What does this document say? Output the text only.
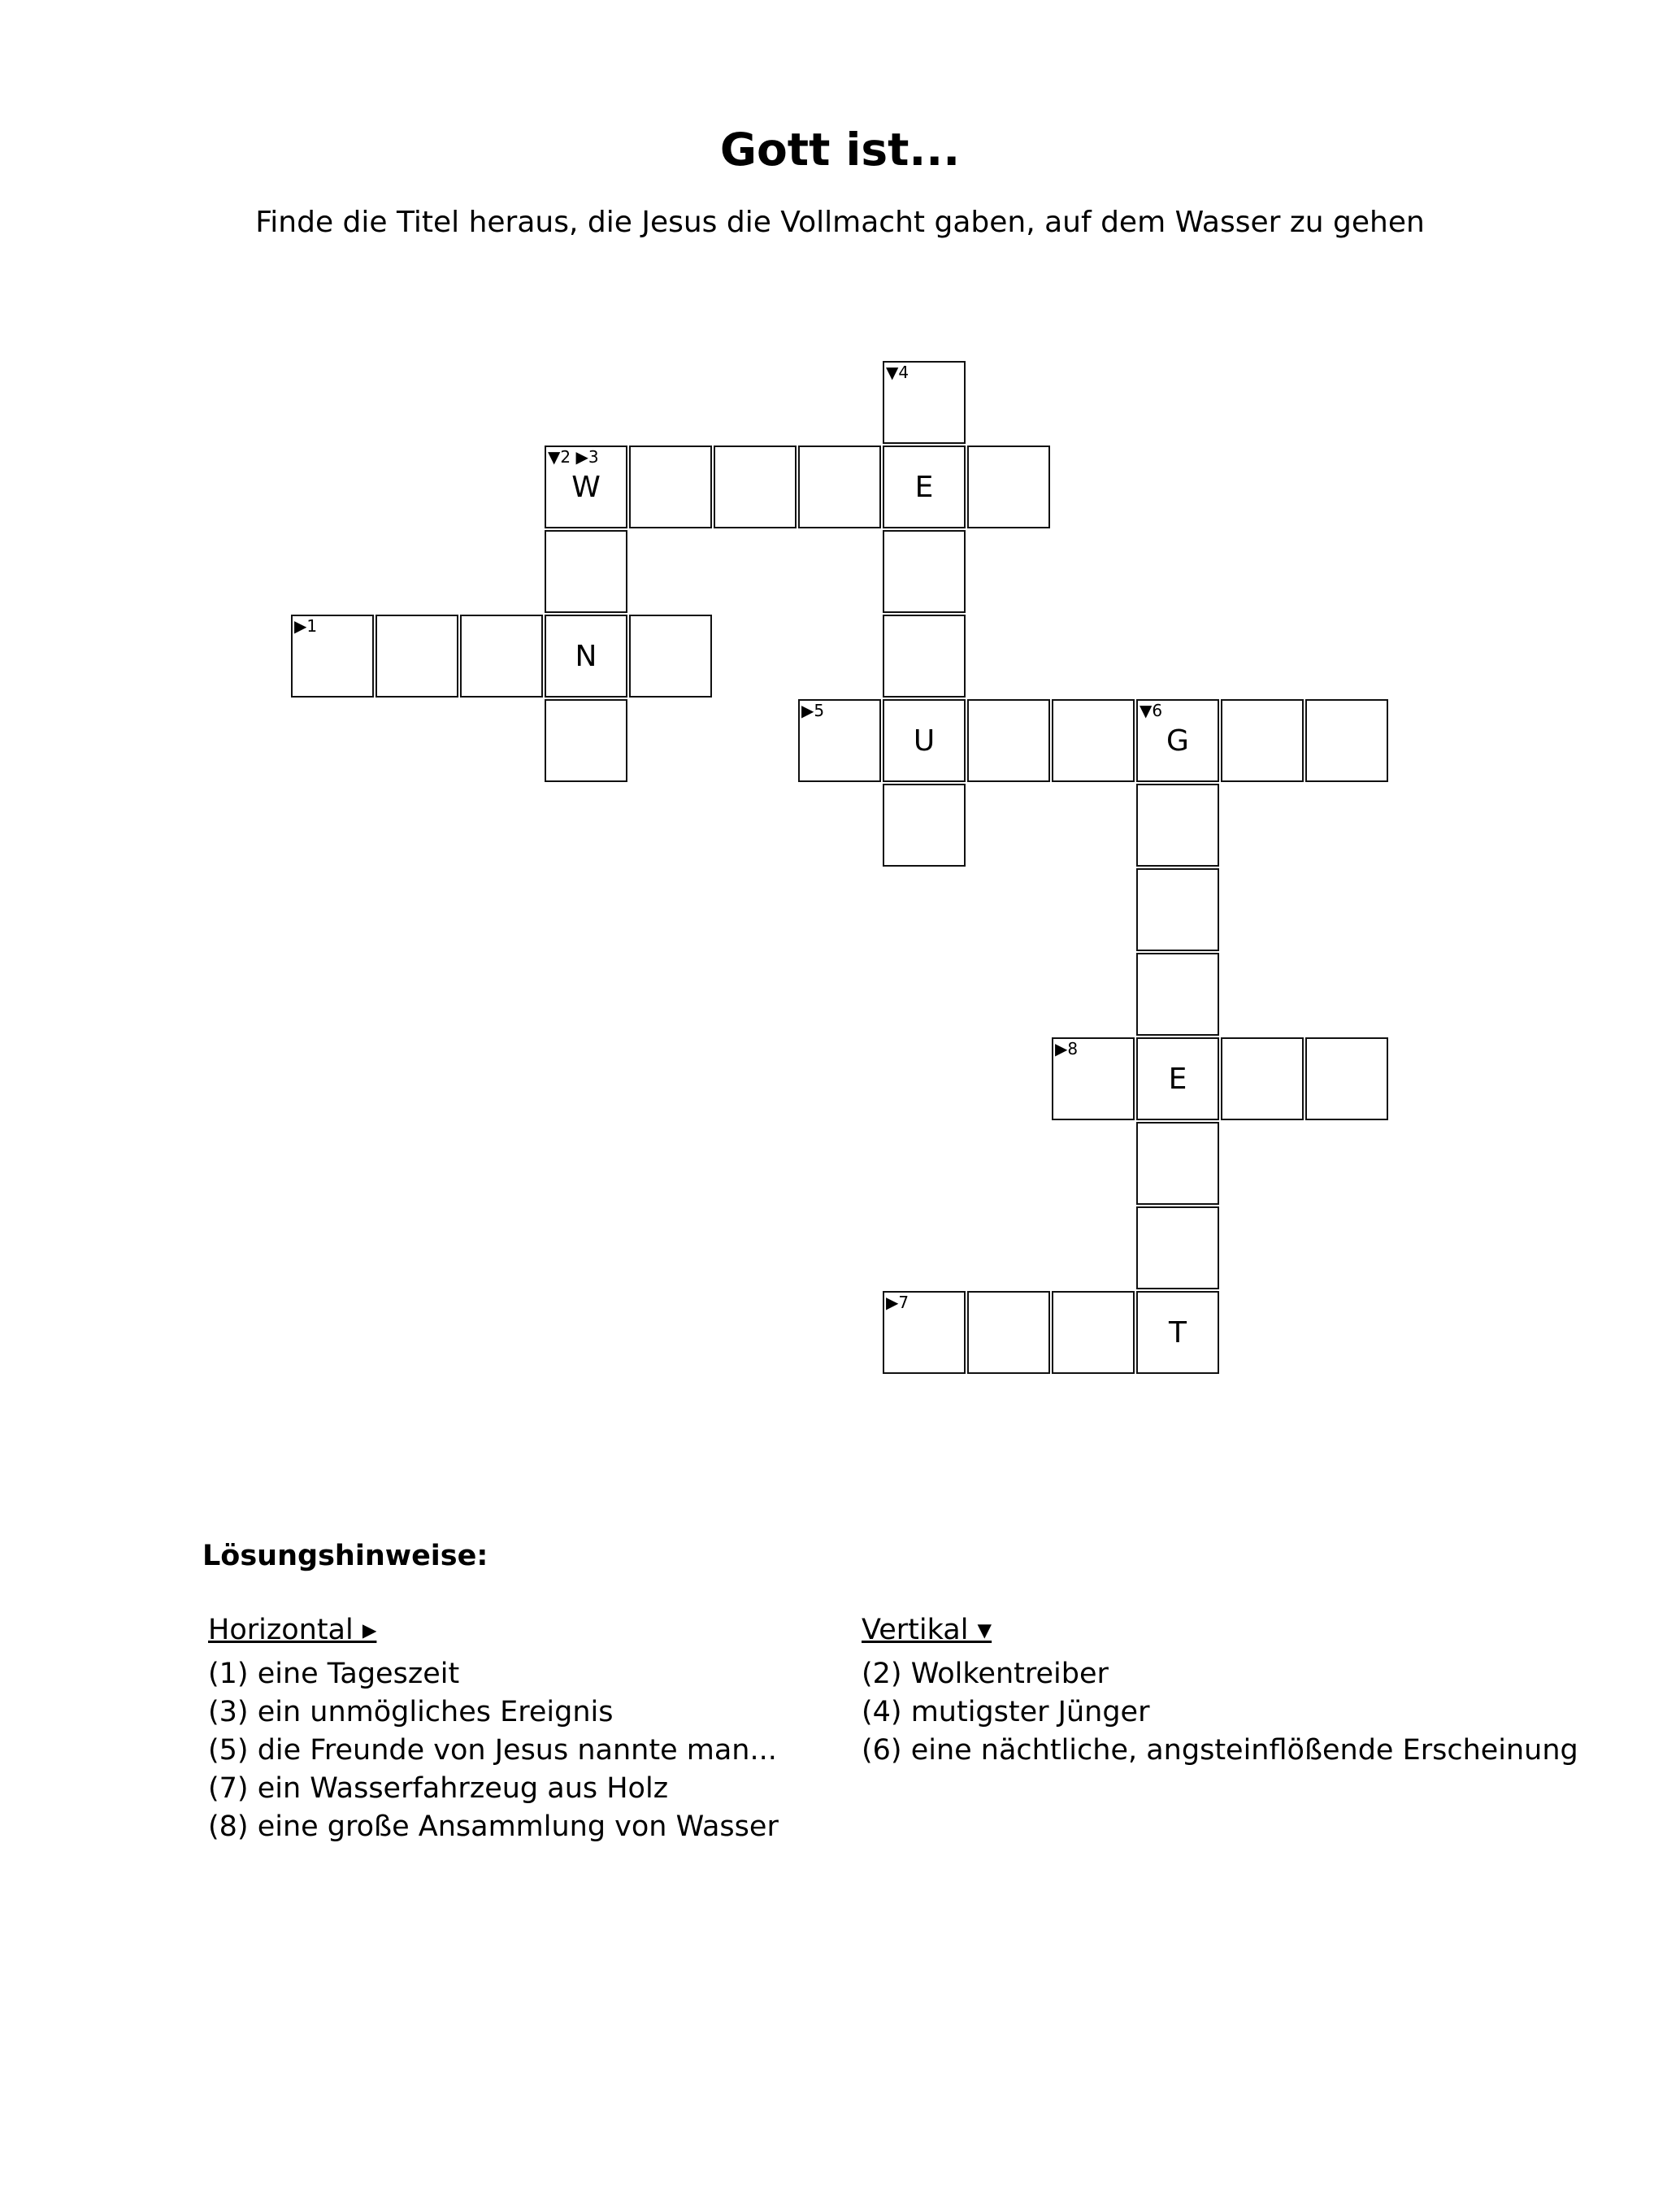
Gott ist...
Finde die Titel heraus, die Jesus die Vollmacht gaben, auf dem Wasser zu gehen
▼4
▼2 ▶3
W	E
▶1
N
▶5
U
▼6
G
▶8
E
▶7
T
Lösungshinweise:
Horizontal ▸
(1) eine Tageszeit
(3) ein unmögliches Ereignis
(5) die Freunde von Jesus nannte man...
(7) ein Wasserfahrzeug aus Holz
(8) eine große Ansammlung von Wasser
Vertikal ▾
(2) Wolkentreiber
(4) mutigster Jünger
(6) eine nächtliche, angsteinflößende Erscheinung
